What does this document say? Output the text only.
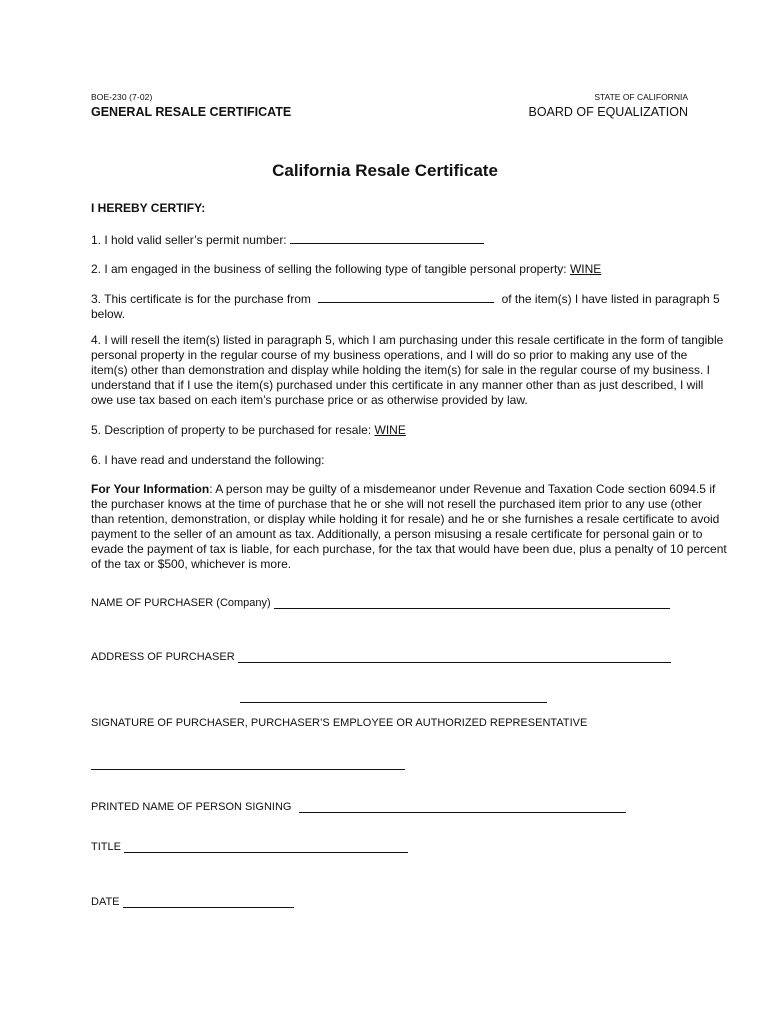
BOE-230 (7-02)
GENERAL RESALE CERTIFICATE
STATE OF CALIFORNIA
BOARD OF EQUALIZATION
California Resale Certificate
I HEREBY CERTIFY:
1. I hold valid seller’s permit number:
2. I am engaged in the business of selling the following type of tangible personal property: WINE
3. This certificate is for the purchase from	of the item(s) I have listed in paragraph 5 below.
4. I will resell the item(s) listed in paragraph 5, which I am purchasing under this resale certificate in the form of tangible personal property in the regular course of my business operations, and I will do so prior to making any use of the item(s) other than demonstration and display while holding the item(s) for sale in the regular course of my business. I understand that if I use the item(s) purchased under this certificate in any manner other than as just described, I will owe use tax based on each item’s purchase price or as otherwise provided by law.
5. Description of property to be purchased for resale: WINE
6. I have read and understand the following:
For Your Information: A person may be guilty of a misdemeanor under Revenue and Taxation Code section 6094.5 if the purchaser knows at the time of purchase that he or she will not resell the purchased item prior to any use (other than retention, demonstration, or display while holding it for resale) and he or she furnishes a resale certificate to avoid payment to the seller of an amount as tax. Additionally, a person misusing a resale certificate for personal gain or to evade the payment of tax is liable, for each purchase, for the tax that would have been due, plus a penalty of 10 percent of the tax or $500, whichever is more.
NAME OF PURCHASER (Company)
ADDRESS OF PURCHASER
SIGNATURE OF PURCHASER, PURCHASER’S EMPLOYEE OR AUTHORIZED REPRESENTATIVE
PRINTED NAME OF PERSON SIGNING
TITLE
DATE
